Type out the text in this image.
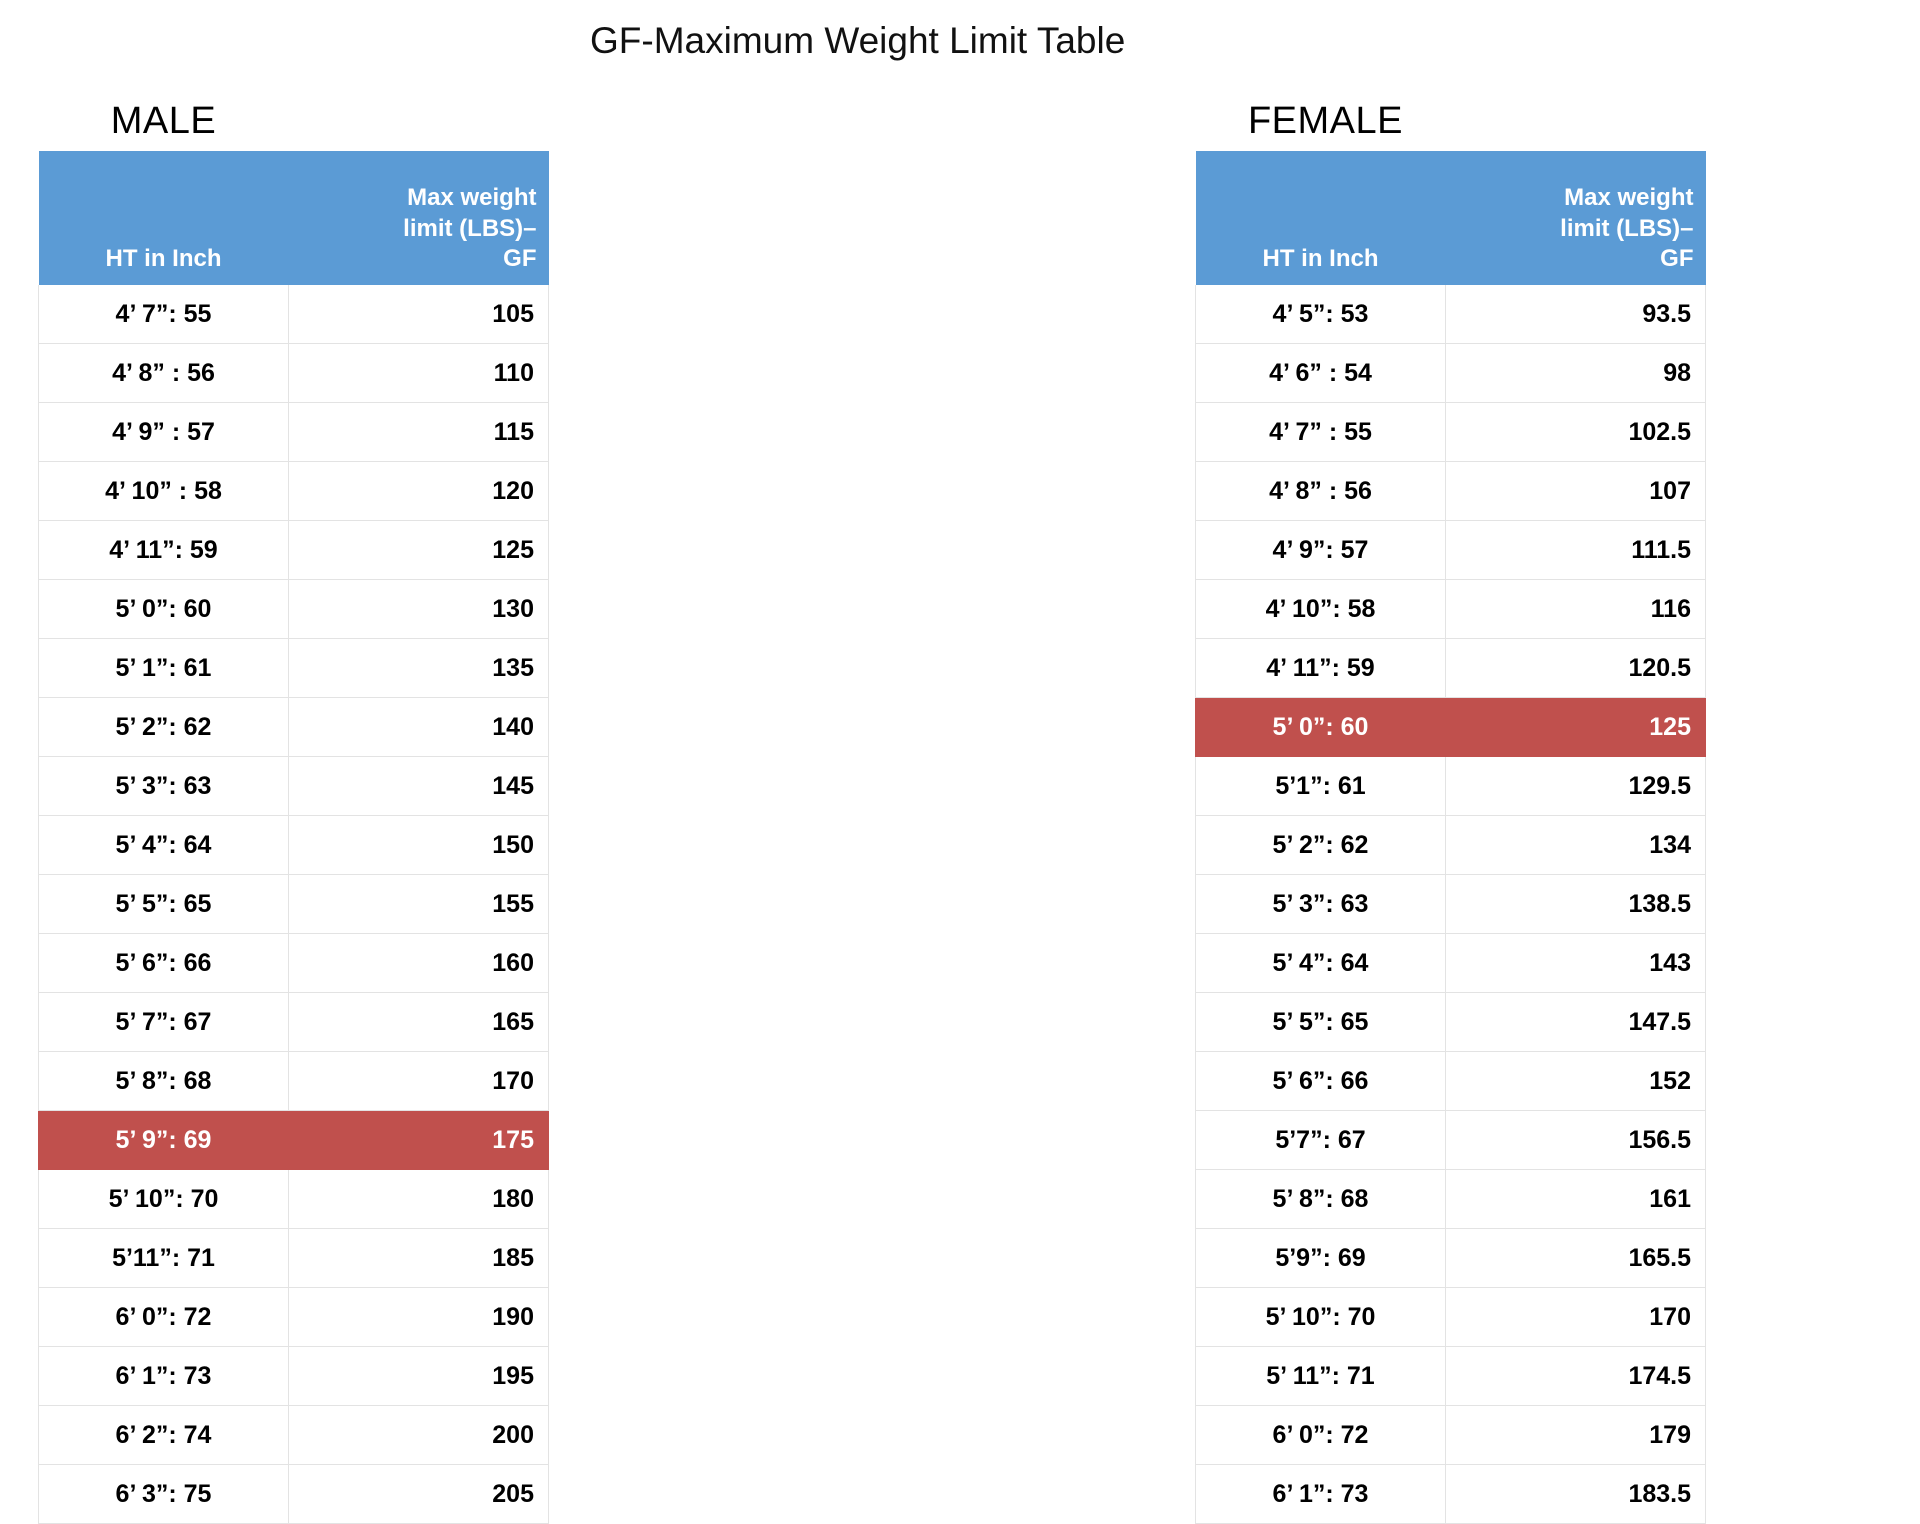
GF-Maximum Weight Limit Table
MALE
HT in Inch	Max weight
limit (LBS)–
GF

4’ 7”: 55	105
4’ 8” : 56	110
4’ 9” : 57	115
4’ 10” : 58	120
4’ 11”: 59	125
5’ 0”: 60	130
5’ 1”: 61	135
5’ 2”: 62	140
5’ 3”: 63	145
5’ 4”: 64	150
5’ 5”: 65	155
5’ 6”: 66	160
5’ 7”: 67	165
5’ 8”: 68	170
5’ 9”: 69	175
5’ 10”: 70	180
5’11”: 71	185
6’ 0”: 72	190
6’ 1”: 73	195
6’ 2”: 74	200
6’ 3”: 75	205
FEMALE
HT in Inch	Max weight
limit (LBS)–
GF

4’ 5”: 53	93.5
4’ 6” : 54	98
4’ 7” : 55	102.5
4’ 8” : 56	107
4’ 9”: 57	111.5
4’ 10”: 58	116
4’ 11”: 59	120.5
5’ 0”: 60	125
5’1”: 61	129.5
5’ 2”: 62	134
5’ 3”: 63	138.5
5’ 4”: 64	143
5’ 5”: 65	147.5
5’ 6”: 66	152
5’7”: 67	156.5
5’ 8”: 68	161
5’9”: 69	165.5
5’ 10”: 70	170
5’ 11”: 71	174.5
6’ 0”: 72	179
6’ 1”: 73	183.5
